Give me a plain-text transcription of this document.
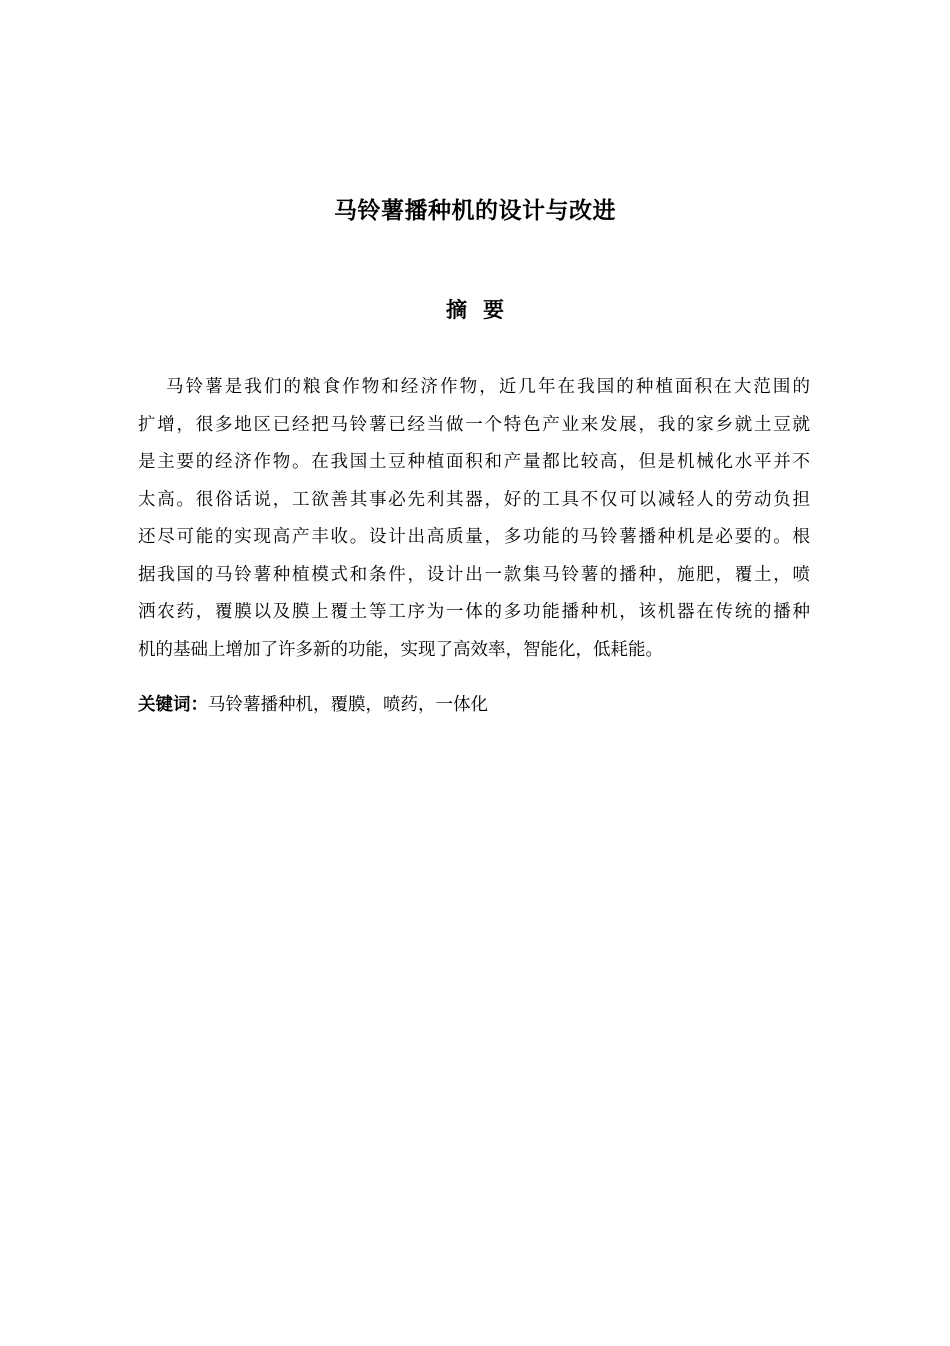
马铃薯播种机的设计与改进
摘要
马铃薯是我们的粮食作物和经济作物，近几年在我国的种植面积在大范围的
扩增，很多地区已经把马铃薯已经当做一个特色产业来发展，我的家乡就土豆就
是主要的经济作物。在我国土豆种植面积和产量都比较高，但是机械化水平并不
太高。很俗话说，工欲善其事必先利其器，好的工具不仅可以减轻人的劳动负担
还尽可能的实现高产丰收。设计出高质量，多功能的马铃薯播种机是必要的。根
据我国的马铃薯种植模式和条件，设计出一款集马铃薯的播种，施肥，覆土，喷
洒农药，覆膜以及膜上覆土等工序为一体的多功能播种机，该机器在传统的播种
机的基础上增加了许多新的功能，实现了高效率，智能化，低耗能。
关键词：马铃薯播种机，覆膜，喷药，一体化
